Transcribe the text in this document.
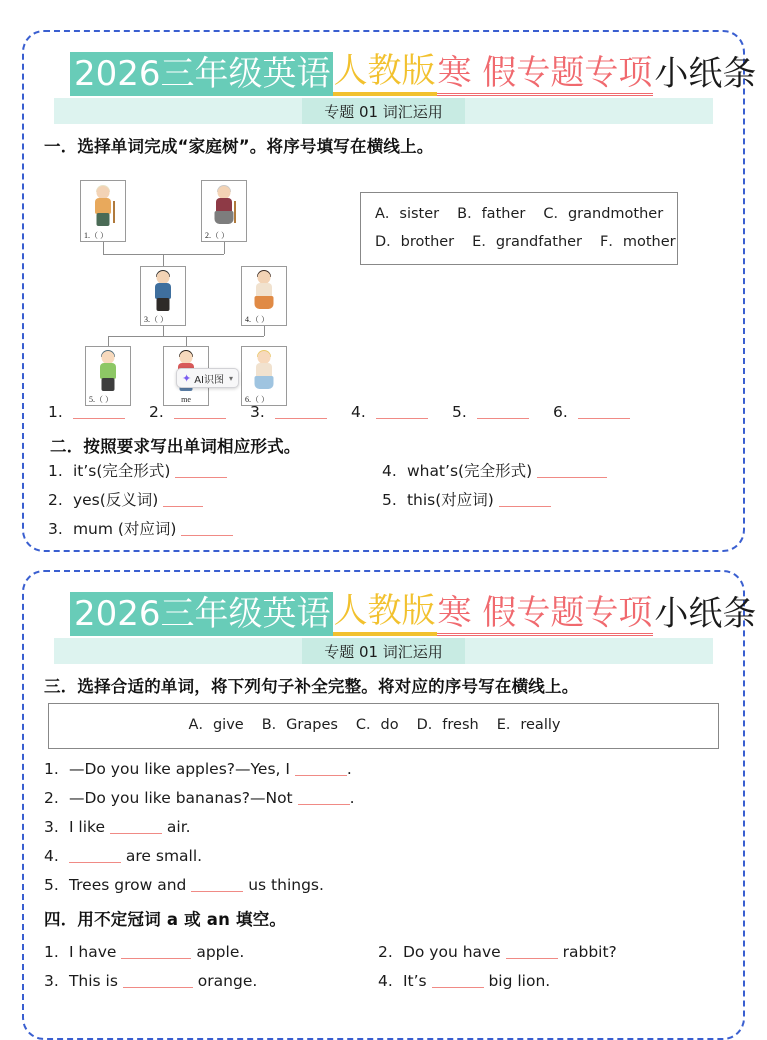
2026三年级英语 人教版 寒 假专题专项 小纸条
专题 01 词汇运用
一．选择单词完成“家庭树”。将序号填写在横线上。
1.（ ）	2.（ ）
3.（ ）	4.（ ）
5.（ ）	me	6.（ ）
A．sister B．father C．grandmother
D．brother E．grandfather F．mother
1.	2.	3.	4.	5.	6.
二．按照要求写出单词相应形式。
1. it’s(完全形式)	4. what’s(完全形式)
2. yes(反义词)	5. this(对应词)
3. mum (对应词)
✦ AI识图 ▾
2026三年级英语 人教版 寒 假专题专项 小纸条
专题 01 词汇运用
三．选择合适的单词，将下列句子补全完整。将对应的序号写在横线上。
A．give B．Grapes C．do D．fresh E．really
1. —Do you like apples?—Yes, I	.
2. —Do you like bananas?—Not	.
3. I like	air.
4.	are small.
5. Trees grow and	us things.
四．用不定冠词 a 或 an 填空。
1. I have	apple.	2. Do you have	rabbit?
3. This is	orange.	4. It’s	big lion.
